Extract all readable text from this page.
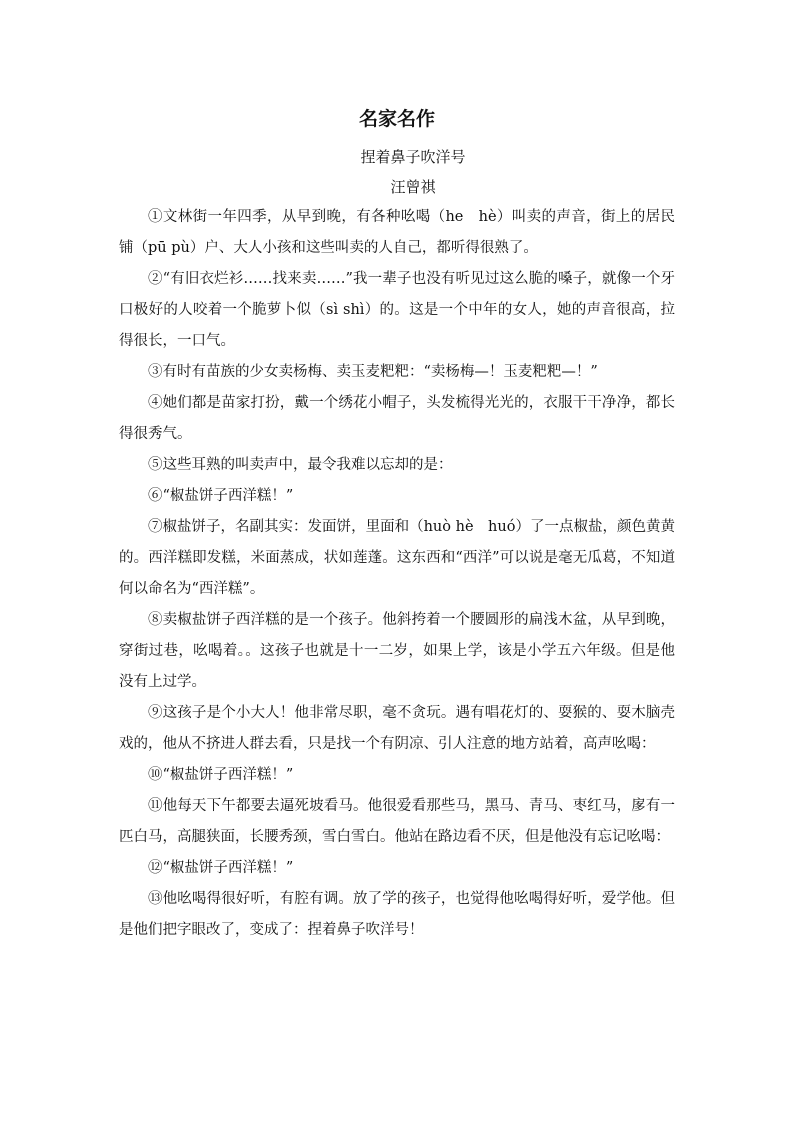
名家名作
捏着鼻子吹洋号
汪曾祺

①文林街一年四季，从早到晚，有各种吆喝（he　hè）叫卖的声音，街上的居民铺（pū pù）户、大人小孩和这些叫卖的人自己，都听得很熟了。

②“有旧衣烂衫……找来卖……”我一辈子也没有听见过这么脆的嗓子，就像一个牙口极好的人咬着一个脆萝卜似（sì shì）的。这是一个中年的女人，她的声音很高，拉得很长，一口气。

③有时有苗族的少女卖杨梅、卖玉麦粑粑：“卖杨梅—！玉麦粑粑—！”

④她们都是苗家打扮，戴一个绣花小帽子，头发梳得光光的，衣服干干净净，都长得很秀气。

⑤这些耳熟的叫卖声中，最令我难以忘却的是：

⑥“椒盐饼子西洋糕！”

⑦椒盐饼子，名副其实：发面饼，里面和（huò hè　huó）了一点椒盐，颜色黄黄的。西洋糕即发糕，米面蒸成，状如莲蓬。这东西和“西洋”可以说是毫无瓜葛，不知道何以命名为“西洋糕”。

⑧卖椒盐饼子西洋糕的是一个孩子。他斜挎着一个腰圆形的扁浅木盆，从早到晚，穿街过巷，吆喝着。。这孩子也就是十一二岁，如果上学，该是小学五六年级。但是他没有上过学。

⑨这孩子是个小大人！他非常尽职，毫不贪玩。遇有唱花灯的、耍猴的、耍木脑壳戏的，他从不挤进人群去看，只是找一个有阴凉、引人注意的地方站着，高声吆喝：

⑩“椒盐饼子西洋糕！”

⑪他每天下午都要去逼死坡看马。他很爱看那些马，黑马、青马、枣红马，扅有一匹白马，高腿狭面，长腰秀颈，雪白雪白。他站在路边看不厌，但是他没有忘记吆喝：

⑫“椒盐饼子西洋糕！”

⑬他吆喝得很好听，有腔有调。放了学的孩子，也觉得他吆喝得好听，爱学他。但是他们把字眼改了，变成了：捏着鼻子吹洋号！
